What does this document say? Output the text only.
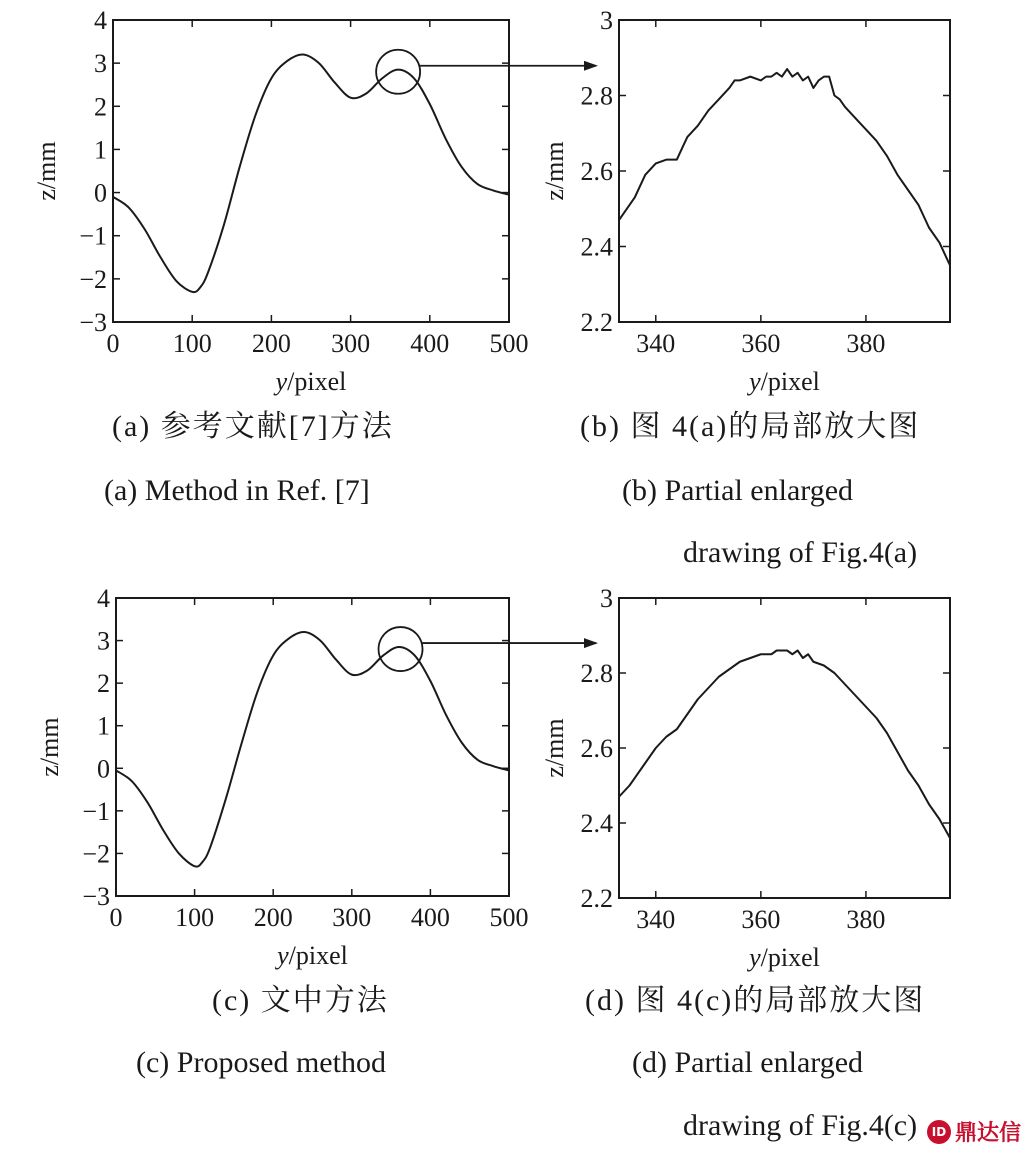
0 100 200 300 400 500
−3
−2
−1
0
1
2
3
4
y/pixel
z/mm
340	360	380
2.2
2.4
2.6
2.8
3
y/pixel
z/mm
0 100 200 300 400 500
−3
−2
−1
0
1
2
3
4
y/pixel
z/mm
340	360	380
2.2
2.4
2.6
2.8
3
y/pixel
z/mm
(a) 参考文献[7]方法
(a) Method in Ref. [7]
(b) 图 4(a)的局部放大图
(b) Partial enlarged
drawing of Fig.4(a)
(c) 文中方法
(c) Proposed method
(d) 图 4(c)的局部放大图
(d) Partial enlarged
drawing of Fig.4(c)	ID 鼎达信
